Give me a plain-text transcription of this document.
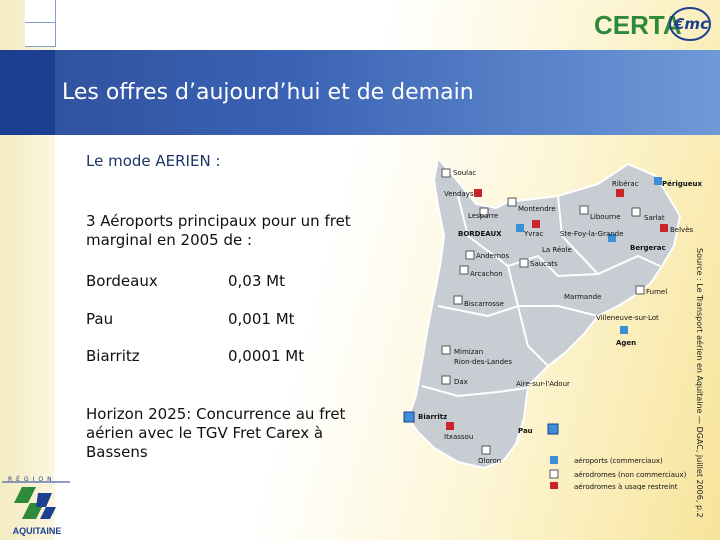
CERTA
€mc
Les offres d’aujourd’hui et de demain
Le mode AERIEN :
3 Aéroports principaux pour un fret marginal en 2005 de :
Bordeaux	0,03 Mt
Pau	0,001 Mt
Biarritz	0,0001 Mt
Horizon 2025: Concurrence au fret aérien avec le TGV Fret Carex à Bassens
Soulac
Vendays
Montendre
Lesparre
BORDEAUX	Yvrac
Andernos
Saucats
Arcachon
Libourne
Ste-Foy-la-Grande
La Réole
Ribérac
Sarlat
Périgueux
Belvès
Bergerac
Marmande
Fumel
Biscarrosse
Villeneuve-sur-Lot
Agen
Mimizan
Rion-des-Landes
Dax	Aire-sur-l'Adour
Biarritz
Itxassou
Pau
Oloron	aéroports (commerciaux)
aérodromes (non commerciaux)
aérodromes à usage restreint	Source : Le Transport aérien en Aquitaine — DGAC, juillet 2006, p.2
RÉGION
AQUITAINE
